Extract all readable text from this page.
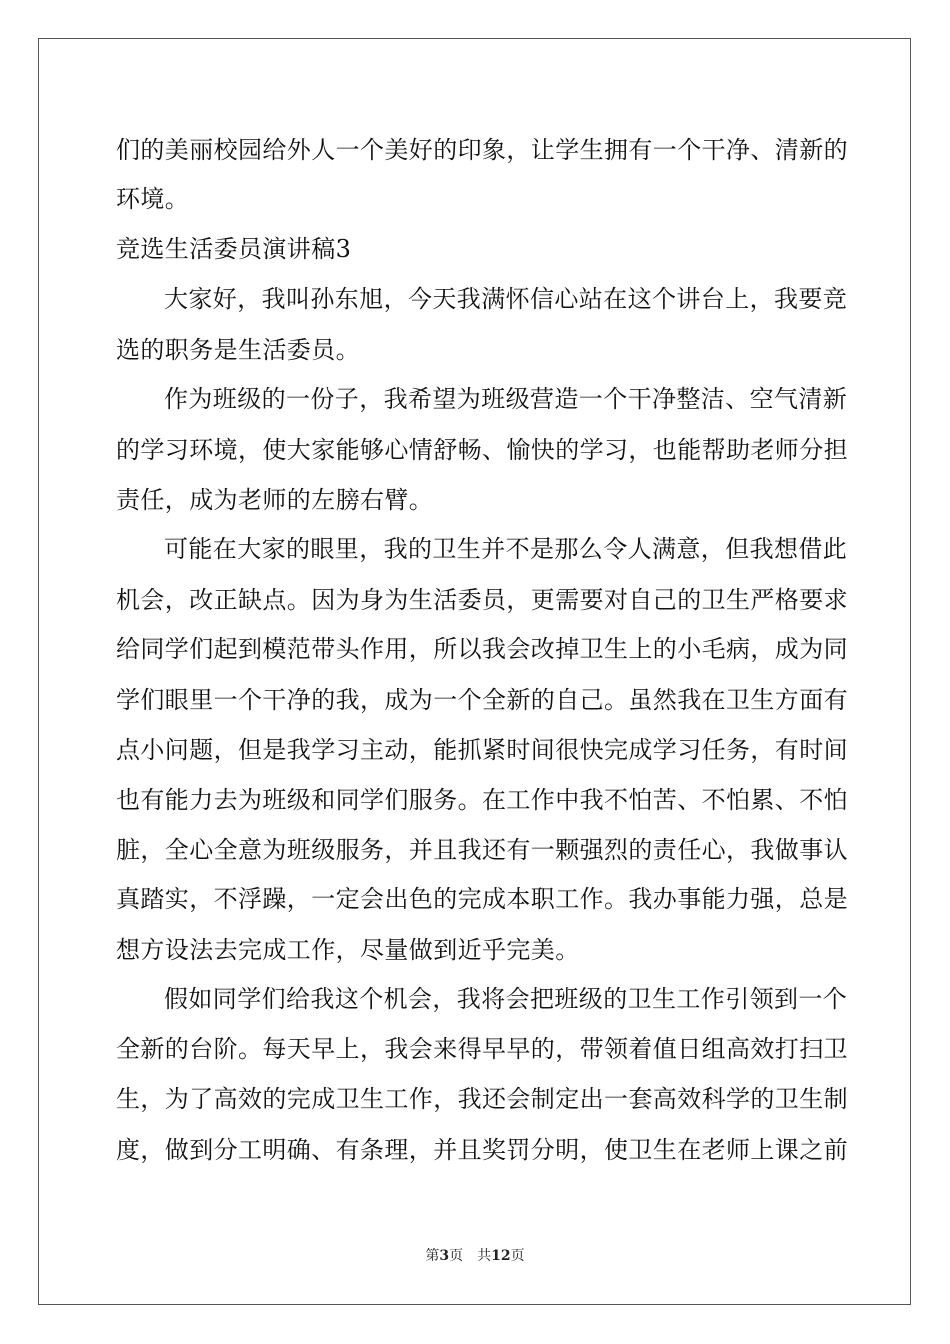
们的美丽校园给外人一个美好的印象，让学生拥有一个干净、清新的
环境。
竞选生活委员演讲稿3
大家好，我叫孙东旭，今天我满怀信心站在这个讲台上，我要竞
选的职务是生活委员。
作为班级的一份子，我希望为班级营造一个干净整洁、空气清新
的学习环境，使大家能够心情舒畅、愉快的学习，也能帮助老师分担
责任，成为老师的左膀右臂。
可能在大家的眼里，我的卫生并不是那么令人满意，但我想借此
机会，改正缺点。因为身为生活委员，更需要对自己的卫生严格要求
给同学们起到模范带头作用，所以我会改掉卫生上的小毛病，成为同
学们眼里一个干净的我，成为一个全新的自己。虽然我在卫生方面有
点小问题，但是我学习主动，能抓紧时间很快完成学习任务，有时间
也有能力去为班级和同学们服务。在工作中我不怕苦、不怕累、不怕
脏，全心全意为班级服务，并且我还有一颗强烈的责任心，我做事认
真踏实，不浮躁，一定会出色的完成本职工作。我办事能力强，总是
想方设法去完成工作，尽量做到近乎完美。
假如同学们给我这个机会，我将会把班级的卫生工作引领到一个
全新的台阶。每天早上，我会来得早早的，带领着值日组高效打扫卫
生，为了高效的完成卫生工作，我还会制定出一套高效科学的卫生制
度，做到分工明确、有条理，并且奖罚分明，使卫生在老师上课之前
第3页 共12页
